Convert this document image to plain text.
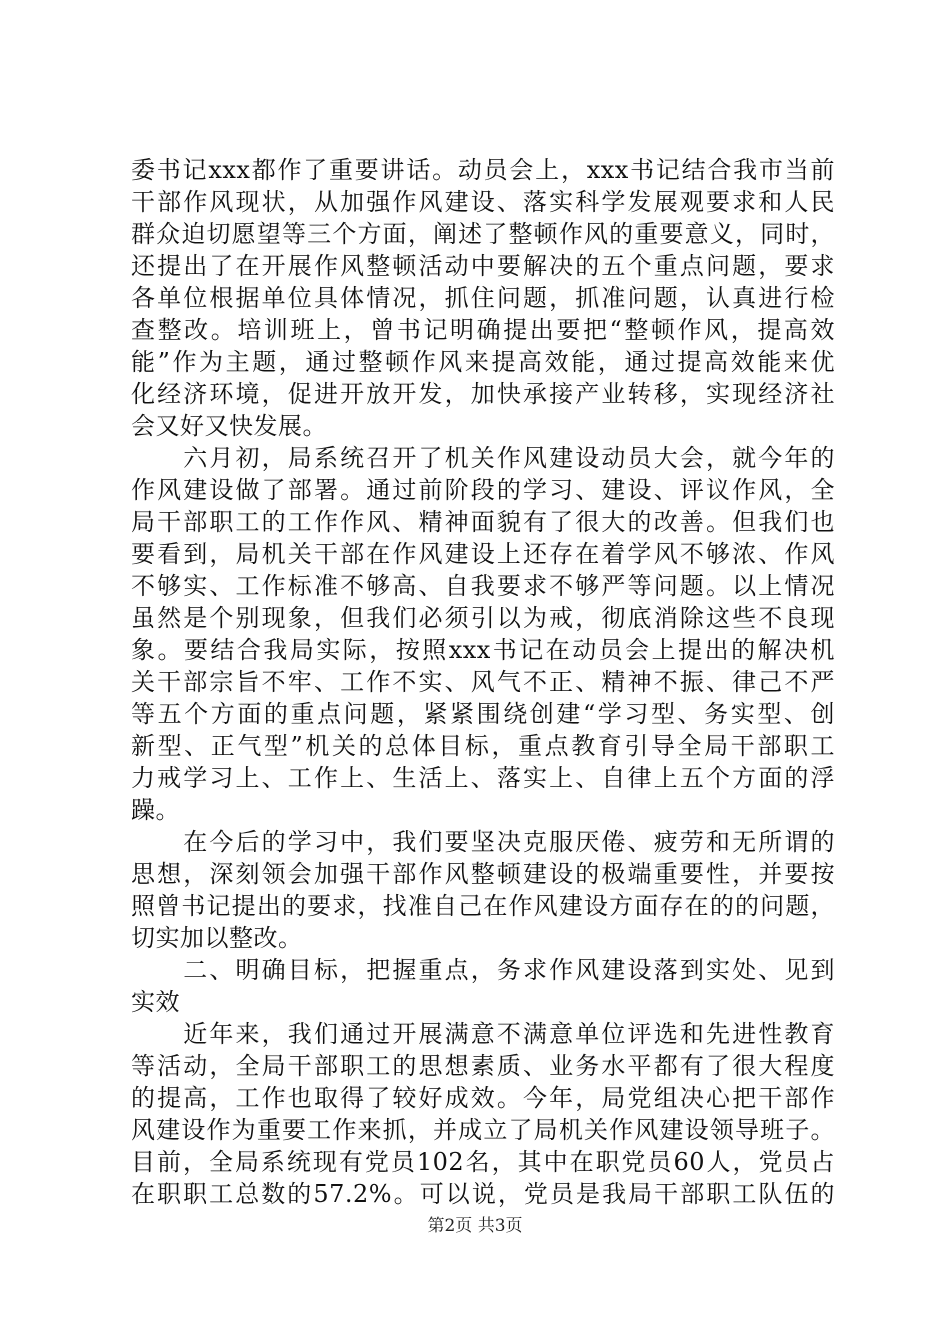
委书记xxx都作了重要讲话。动员会上，xxx书记结合我市当前
干部作风现状，从加强作风建设、落实科学发展观要求和人民
群众迫切愿望等三个方面，阐述了整顿作风的重要意义，同时，
还提出了在开展作风整顿活动中要解决的五个重点问题，要求
各单位根据单位具体情况，抓住问题，抓准问题，认真进行检
查整改。培训班上，曾书记明确提出要把“整顿作风，提高效
能”作为主题，通过整顿作风来提高效能，通过提高效能来优
化经济环境，促进开放开发，加快承接产业转移，实现经济社
会又好又快发展。
　　六月初，局系统召开了机关作风建设动员大会，就今年的
作风建设做了部署。通过前阶段的学习、建设、评议作风，全
局干部职工的工作作风、精神面貌有了很大的改善。但我们也
要看到，局机关干部在作风建设上还存在着学风不够浓、作风
不够实、工作标准不够高、自我要求不够严等问题。以上情况
虽然是个别现象，但我们必须引以为戒，彻底消除这些不良现
象。要结合我局实际，按照xxx书记在动员会上提出的解决机
关干部宗旨不牢、工作不实、风气不正、精神不振、律己不严
等五个方面的重点问题，紧紧围绕创建“学习型、务实型、创
新型、正气型”机关的总体目标，重点教育引导全局干部职工
力戒学习上、工作上、生活上、落实上、自律上五个方面的浮
躁。
　　在今后的学习中，我们要坚决克服厌倦、疲劳和无所谓的
思想，深刻领会加强干部作风整顿建设的极端重要性，并要按
照曾书记提出的要求，找准自己在作风建设方面存在的的问题，
切实加以整改。
　　二、明确目标，把握重点，务求作风建设落到实处、见到
实效
　　近年来，我们通过开展满意不满意单位评选和先进性教育
等活动，全局干部职工的思想素质、业务水平都有了很大程度
的提高，工作也取得了较好成效。今年，局党组决心把干部作
风建设作为重要工作来抓，并成立了局机关作风建设领导班子。
目前，全局系统现有党员102名，其中在职党员60人，党员占
在职职工总数的57.2%。可以说，党员是我局干部职工队伍的
第2页 共3页
